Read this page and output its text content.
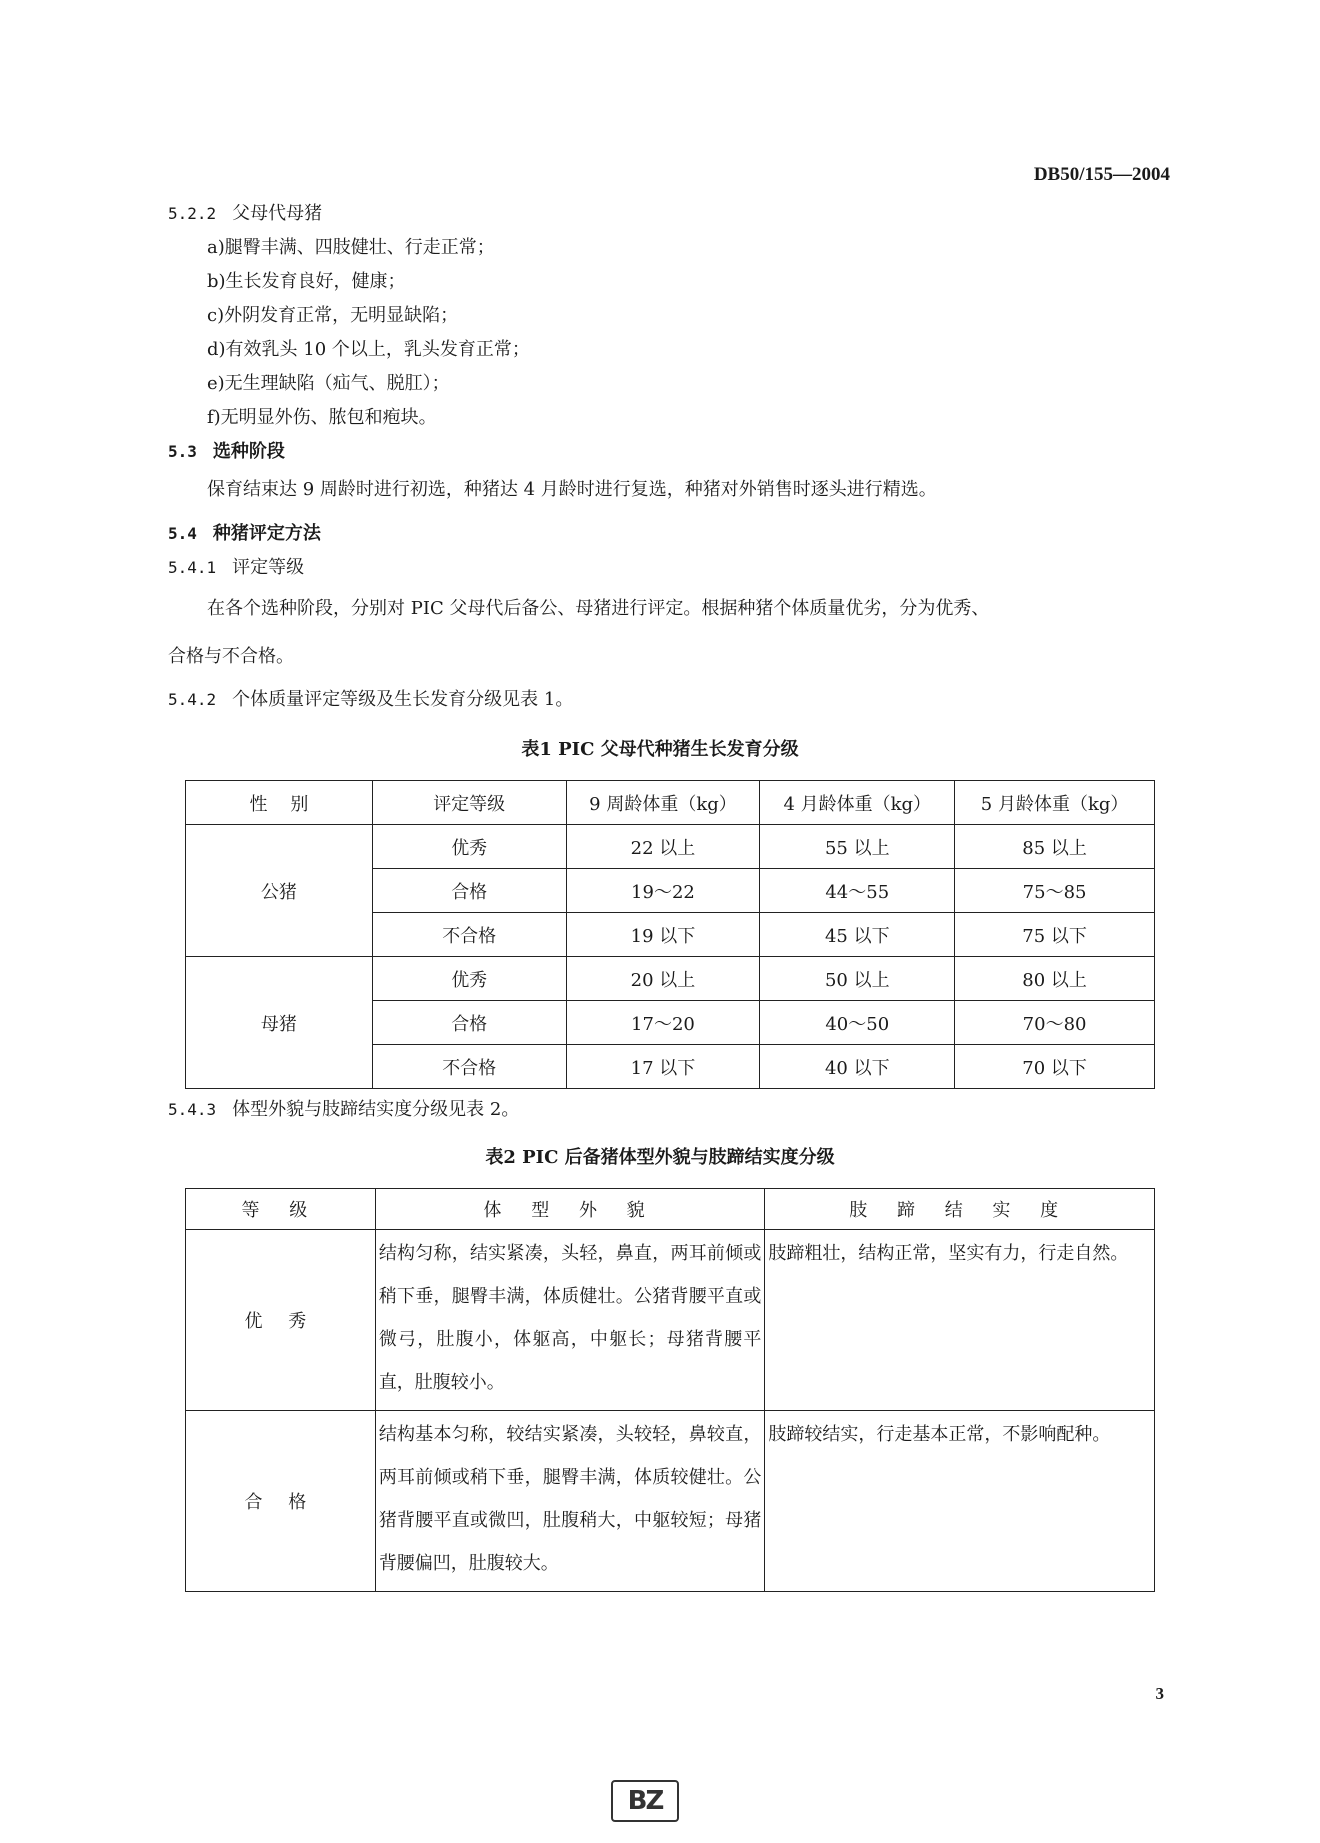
DB50/155—2004
5.2.2 父母代母猪
a)腿臀丰满、四肢健壮、行走正常；
b)生长发育良好，健康；
c)外阴发育正常，无明显缺陷；
d)有效乳头 10 个以上，乳头发育正常；
e)无生理缺陷（疝气、脱肛）；
f)无明显外伤、脓包和疱块。
5.3 选种阶段
保育结束达 9 周龄时进行初选，种猪达 4 月龄时进行复选，种猪对外销售时逐头进行精选。
5.4 种猪评定方法
5.4.1 评定等级
在各个选种阶段，分别对 PIC 父母代后备公、母猪进行评定。根据种猪个体质量优劣，分为优秀、
合格与不合格。
5.4.2 个体质量评定等级及生长发育分级见表 1。
表1 PIC 父母代种猪生长发育分级
性    别	评定等级	9 周龄体重（kg）	4 月龄体重（kg）	5 月龄体重（kg）
公猪	优秀	22 以上	55 以上	85 以上
	合格	19～22	44～55	75～85
	不合格	19 以下	45 以下	75 以下
母猪	优秀	20 以上	50 以上	80 以上
	合格	17～20	40～50	70～80
	不合格	17 以下	40 以下	70 以下
5.4.3 体型外貌与肢蹄结实度分级见表 2。
表2 PIC 后备猪体型外貌与肢蹄结实度分级
等 级	体 型 外 貌	肢 蹄 结 实 度
优 秀	结构匀称，结实紧凑，头轻，鼻直，两耳前倾或稍下垂，腿臀丰满，体质健壮。公猪背腰平直或微弓，肚腹小，体躯高，中躯长；母猪背腰平直，肚腹较小。	肢蹄粗壮，结构正常，坚实有力，行走自然。
合 格	结构基本匀称，较结实紧凑，头较轻，鼻较直，两耳前倾或稍下垂，腿臀丰满，体质较健壮。公猪背腰平直或微凹，肚腹稍大，中躯较短；母猪背腰偏凹，肚腹较大。	肢蹄较结实，行走基本正常，不影响配种。
3
BZ
